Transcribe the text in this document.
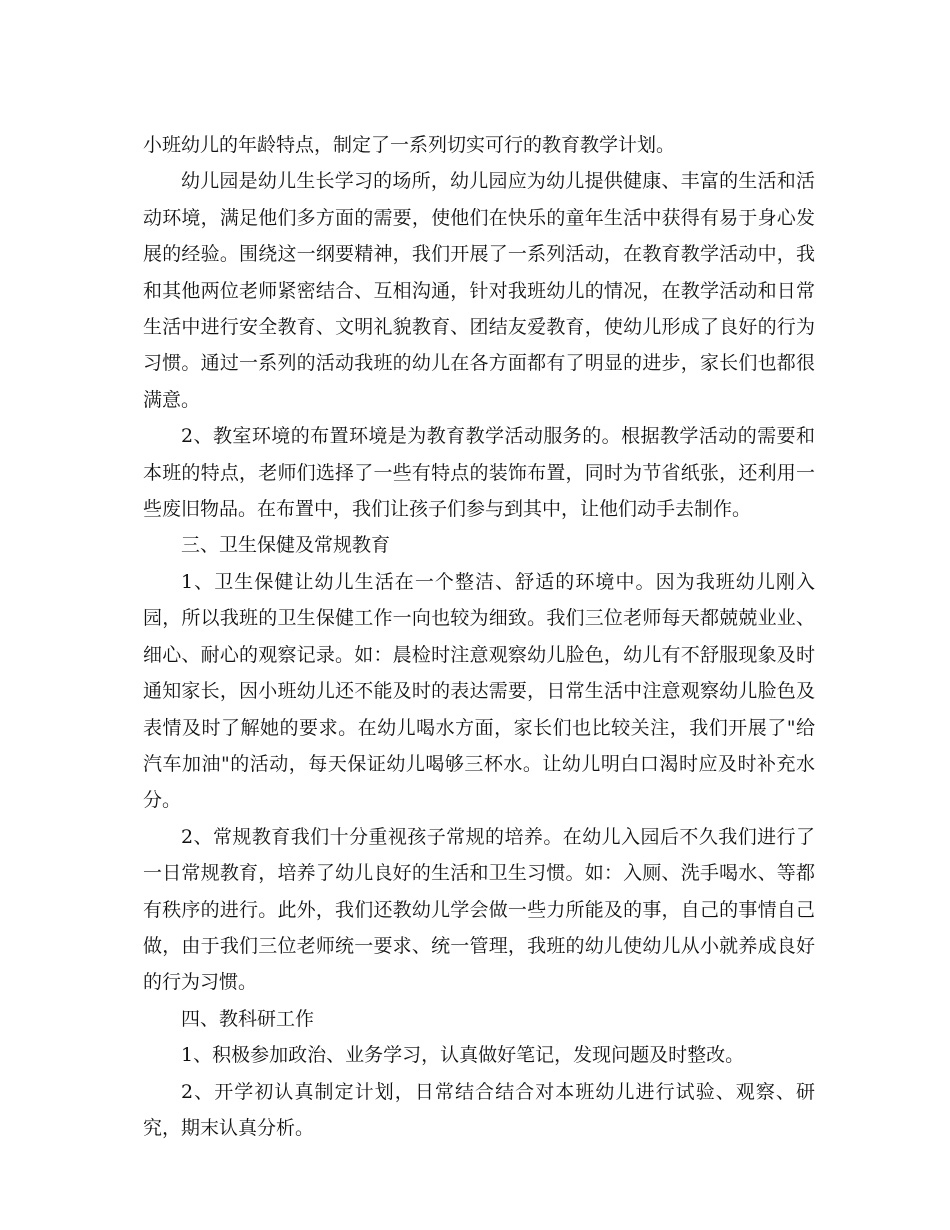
小班幼儿的年龄特点，制定了一系列切实可行的教育教学计划。

幼儿园是幼儿生长学习的场所，幼儿园应为幼儿提供健康、丰富的生活和活动环境，满足他们多方面的需要，使他们在快乐的童年生活中获得有易于身心发展的经验。围绕这一纲要精神，我们开展了一系列活动，在教育教学活动中，我和其他两位老师紧密结合、互相沟通，针对我班幼儿的情况，在教学活动和日常生活中进行安全教育、文明礼貌教育、团结友爱教育，使幼儿形成了良好的行为习惯。通过一系列的活动我班的幼儿在各方面都有了明显的进步，家长们也都很满意。

2、教室环境的布置环境是为教育教学活动服务的。根据教学活动的需要和本班的特点，老师们选择了一些有特点的装饰布置，同时为节省纸张，还利用一些废旧物品。在布置中，我们让孩子们参与到其中，让他们动手去制作。

三、卫生保健及常规教育

1、卫生保健让幼儿生活在一个整洁、舒适的环境中。因为我班幼儿刚入园，所以我班的卫生保健工作一向也较为细致。我们三位老师每天都兢兢业业、细心、耐心的观察记录。如：晨检时注意观察幼儿脸色，幼儿有不舒服现象及时通知家长，因小班幼儿还不能及时的表达需要，日常生活中注意观察幼儿脸色及表情及时了解她的要求。在幼儿喝水方面，家长们也比较关注，我们开展了"给汽车加油"的活动，每天保证幼儿喝够三杯水。让幼儿明白口渴时应及时补充水分。

2、常规教育我们十分重视孩子常规的培养。在幼儿入园后不久我们进行了一日常规教育，培养了幼儿良好的生活和卫生习惯。如：入厕、洗手喝水、等都有秩序的进行。此外，我们还教幼儿学会做一些力所能及的事，自己的事情自己做，由于我们三位老师统一要求、统一管理，我班的幼儿使幼儿从小就养成良好的行为习惯。

四、教科研工作

1、积极参加政治、业务学习，认真做好笔记，发现问题及时整改。

2、开学初认真制定计划，日常结合结合对本班幼儿进行试验、观察、研究，期末认真分析。
